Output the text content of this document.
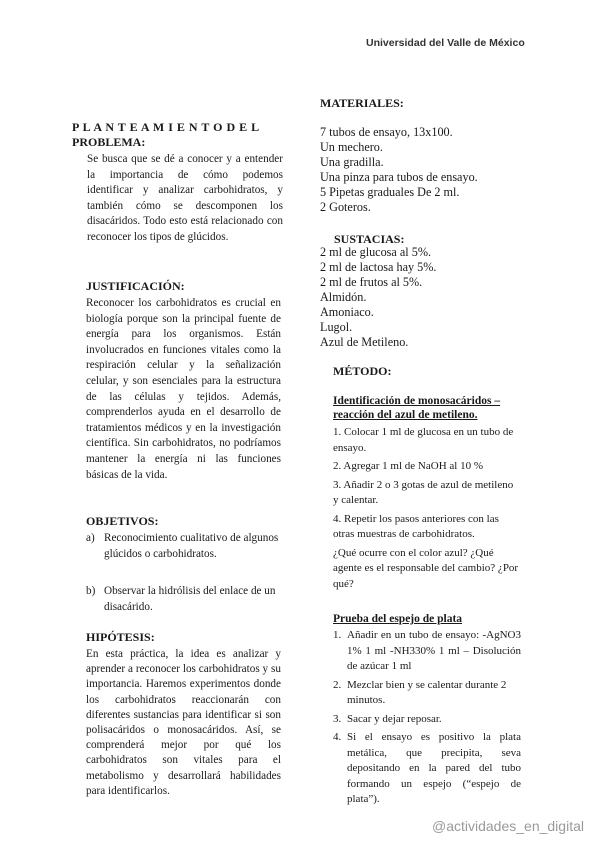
Universidad del Valle de México
P L A N T E A M I E N T O D E L
PROBLEMA:

Se busca que se dé a conocer y a entender la importancia de cómo podemos identificar y analizar carbohidratos, y también cómo se descomponen los disacáridos. Todo esto está relacionado con reconocer los tipos de glúcidos.

JUSTIFICACIÓN:

Reconocer los carbohidratos es crucial en biología porque son la principal fuente de energía para los organismos. Están involucrados en funciones vitales como la respiración celular y la señalización celular, y son esenciales para la estructura de las células y tejidos. Además, comprenderlos ayuda en el desarrollo de tratamientos médicos y en la investigación científica. Sin carbohidratos, no podríamos mantener la energía ni las funciones básicas de la vida.

OBJETIVOS:
a) Reconocimiento cualitativo de algunos glúcidos o carbohidratos.
b) Observar la hidrólisis del enlace de un disacárido.
HIPÓTESIS:

En esta práctica, la idea es analizar y aprender a reconocer los carbohidratos y su importancia. Haremos experimentos donde los carbohidratos reaccionarán con diferentes sustancias para identificar si son polisacáridos o monosacáridos. Así, se comprenderá mejor por qué los carbohidratos son vitales para el metabolismo y desarrollará habilidades para identificarlos.

MATERIALES:
7 tubos de ensayo, 13x100.
Un mechero.
Una gradilla.
Una pinza para tubos de ensayo.
5 Pipetas graduales De 2 ml.
2 Goteros.
SUSTACIAS:
2 ml de glucosa al 5%.
2 ml de lactosa hay 5%.
2 ml de frutos al 5%.
Almidón.
Amoniaco.
Lugol.
Azul de Metileno.
MÉTODO:
Identificación de monosacáridos – reacción del azul de metileno.
1. Colocar 1 ml de glucosa en un tubo de ensayo.
2. Agregar 1 ml de NaOH al 10 %
3. Añadir 2 o 3 gotas de azul de metileno y calentar.
4. Repetir los pasos anteriores con las otras muestras de carbohidratos.
¿Qué ocurre con el color azul? ¿Qué agente es el responsable del cambio? ¿Por qué?
Prueba del espejo de plata
1. Añadir en un tubo de ensayo: -AgNO3 1% 1 ml -NH330% 1 ml – Disolución de azúcar 1 ml
2. Mezclar bien y se calentar durante 2 minutos.
3. Sacar y dejar reposar.
4. Si el ensayo es positivo la plata metálica, que precipita, seva depositando en la pared del tubo formando un espejo (“espejo de plata”).
@actividades_en_digital
